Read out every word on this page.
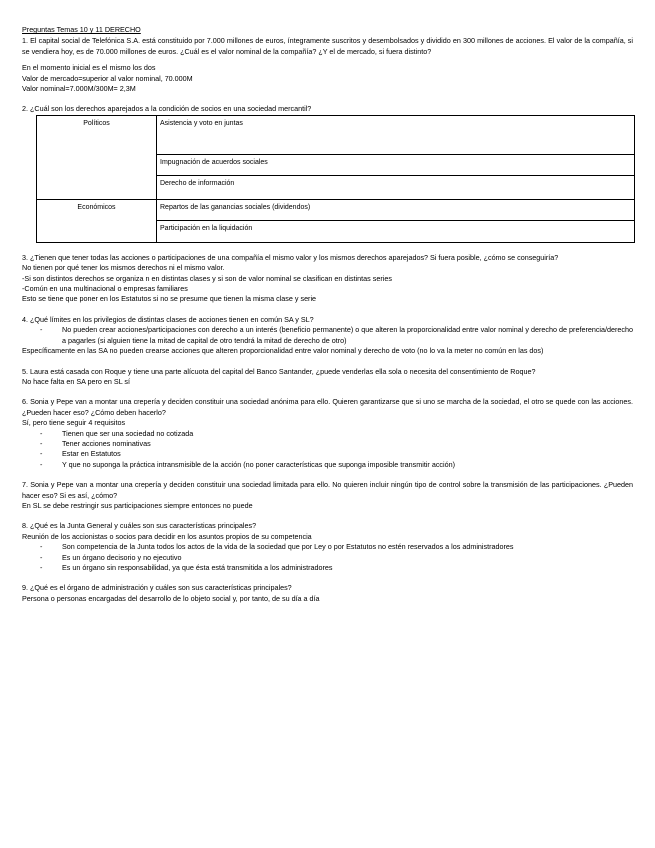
Preguntas Temas 10 y 11 DERECHO

1. El capital social de Telefónica S.A. está constituido por 7.000 millones de euros, íntegramente suscritos y desembolsados y dividido en 300 millones de acciones. El valor de la compañía, si se vendiera hoy, es de 70.000 millones de euros. ¿Cuál es el valor nominal de la compañía? ¿Y el de mercado, si fuera distinto?

En el momento inicial es el mismo los dos

Valor de mercado=superior al valor nominal, 70.000M

Valor nominal=7.000M/300M= 2,3M

2. ¿Cuál son los derechos aparejados a la condición de socios en una sociedad mercantil?

Políticos	Asistencia y voto en juntas
	Impugnación de acuerdos sociales
	Derecho de información
Económicos	Repartos de las ganancias sociales (dividendos)
	Participación en la liquidación

3. ¿Tienen que tener todas las acciones o participaciones de una compañía el mismo valor y los mismos derechos aparejados? Si fuera posible, ¿cómo se conseguiría?

No tienen por qué tener los mismos derechos ni el mismo valor.

-Si son distintos derechos se organiza n en distintas clases y si son de valor nominal se clasifican en distintas series

-Común en una multinacional o empresas familiares

Esto se tiene que poner en los Estatutos si no se presume que tienen la misma clase y serie

4. ¿Qué límites en los privilegios de distintas clases de acciones tienen en común SA y SL?

- No pueden crear acciones/participaciones con derecho a un interés (beneficio permanente) o que alteren la proporcionalidad entre valor nominal y derecho de preferencia/derecho a pagarles (si alguien tiene la mitad de capital de otro tendrá la mitad de derecho de otro)

Específicamente en las SA no pueden crearse acciones que alteren proporcionalidad entre valor nominal y derecho de voto (no lo va la meter no común en las dos)

5. Laura está casada con Roque y tiene una parte alícuota del capital del Banco Santander, ¿puede venderlas ella sola o necesita del consentimiento de Roque?

No hace falta en SA pero en SL sí

6. Sonia y Pepe van a montar una crepería y deciden constituir una sociedad anónima para ello. Quieren garantizarse que si uno se marcha de la sociedad, el otro se quede con las acciones. ¿Pueden hacer eso? ¿Cómo deben hacerlo?

Sí, pero tiene seguir 4 requisitos

- Tienen que ser una sociedad no cotizada

- Tener acciones nominativas

- Estar en Estatutos

- Y que no suponga la práctica intransmisible de la acción (no poner características que suponga imposible transmitir acción)

7. Sonia y Pepe van a montar una crepería y deciden constituir una sociedad limitada para ello. No quieren incluir ningún tipo de control sobre la transmisión de las participaciones. ¿Pueden hacer eso? Si es así, ¿cómo?

En SL se debe restringir sus participaciones siempre entonces no puede

8. ¿Qué es la Junta General y cuáles son sus características principales?

Reunión de los accionistas o socios para decidir en los asuntos propios de su competencia

- Son competencia de la Junta todos los actos de la vida de la sociedad que por Ley o por Estatutos no estén reservados a los administradores

- Es un órgano decisorio y no ejecutivo

- Es un órgano sin responsabilidad, ya que ésta está transmitida a los administradores

9. ¿Qué es el órgano de administración y cuáles son sus características principales?

Persona o personas encargadas del desarrollo de lo objeto social y, por tanto, de su día a día
